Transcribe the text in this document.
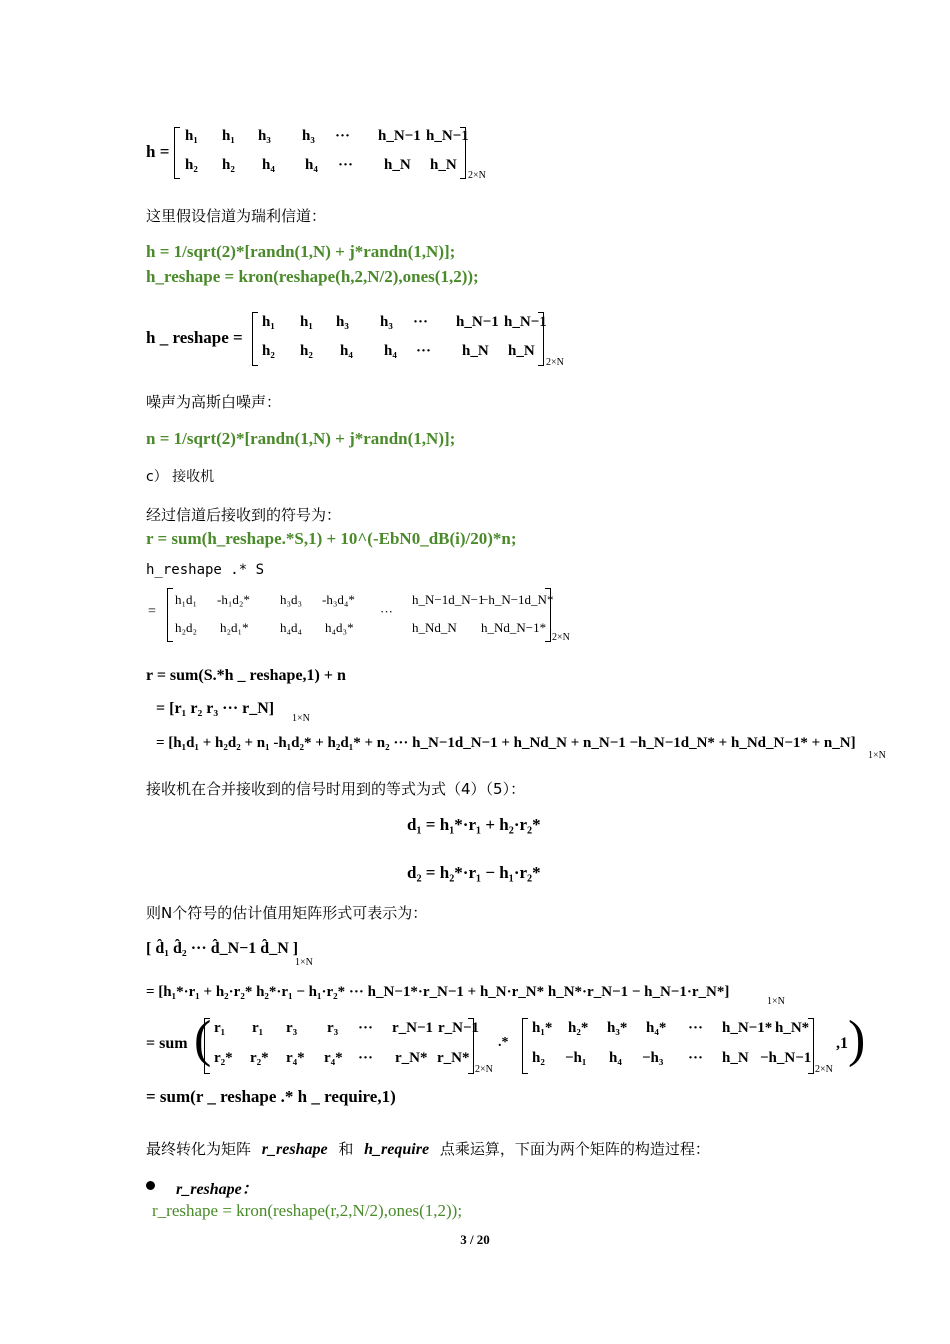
h =
h₁ h₁ h₃ h₃ ··· h_N−1 h_N−1
h₂ h₂ h₄ h₄ ··· h_N h_N
2×N
这里假设信道为瑞利信道：
h = 1/sqrt(2)*[randn(1,N) + j*randn(1,N)];
h_reshape = kron(reshape(h,2,N/2),ones(1,2));
h _ reshape =
h₁ h₁ h₃ h₃ ··· h_N−1 h_N−1
h₂ h₂ h₄ h₄ ··· h_N h_N
2×N
噪声为高斯白噪声：
n = 1/sqrt(2)*[randn(1,N) + j*randn(1,N)];
c） 接收机
经过信道后接收到的符号为：
r = sum(h_reshape.*S,1) + 10^(-EbN0_dB(i)/20)*n;
h_reshape .* S
=
h₁d₁ -h₁d₂* h₃d₃ -h₃d₄*
···
h_N−1d_N−1
−h_N−1d_N*
h₂d₂ h₂d₁* h₄d₄ h₄d₃*	h_Nd_N h_Nd_N−1*
2×N
r = sum(S.*h _ reshape,1) + n
= [r₁ r₂ r₃ ··· r_N]
1×N
= [h₁d₁ + h₂d₂ + n₁ -h₁d₂* + h₂d₁* + n₂ ··· h_N−1d_N−1 + h_Nd_N + n_N−1 −h_N−1d_N* + h_Nd_N−1* + n_N]
1×N
接收机在合并接收到的信号时用到的等式为式（4）（5）：
d₁ = h₁*·r₁ + h₂·r₂*
d₂ = h₂*·r₁ − h₁·r₂*
则N个符号的估计值用矩阵形式可表示为：
[ d̂₁ d̂₂ ··· d̂_N−1 d̂_N ]
1×N
= [h₁*·r₁ + h₂·r₂* h₂*·r₁ − h₁·r₂* ··· h_N−1*·r_N−1 + h_N·r_N* h_N*·r_N−1 − h_N−1·r_N*]
1×N
= sum ( r₁ r₁ r₃ r₃ ··· r_N−1 r_N−1
r₂* r₂* r₄* r₄* ··· r_N* r_N*
2×N
.*
h₁* h₂* h₃* h₄* ··· h_N−1* h_N*
h₂ −h₁ h₄ −h₃ ··· h_N −h_N−1
2×N
,1 )
= sum(r _ reshape .* h _ require,1)
最终转化为矩阵 r_reshape 和 h_require 点乘运算，下面为两个矩阵的构造过程：
r_reshape：
r_reshape = kron(reshape(r,2,N/2),ones(1,2));
3 / 20
